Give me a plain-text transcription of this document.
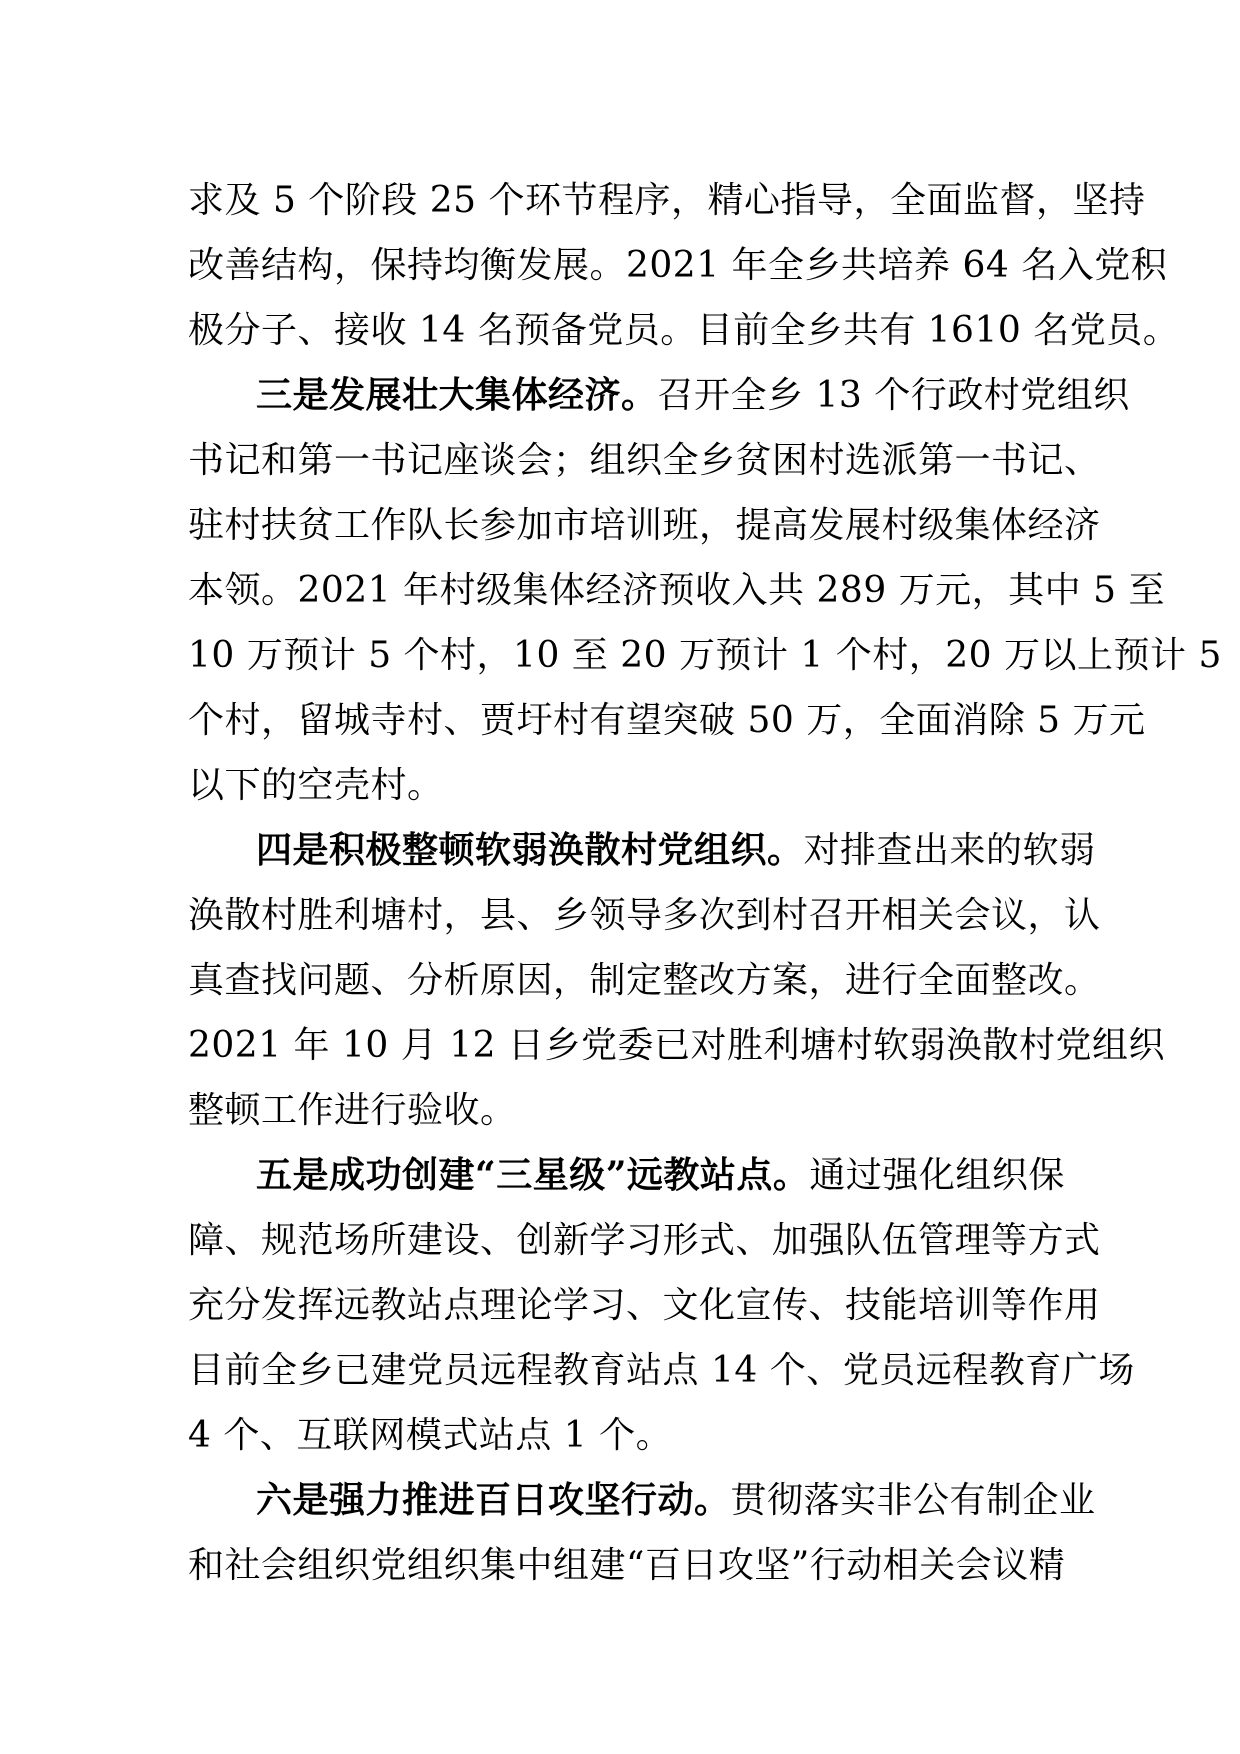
求及 5 个阶段 25 个环节程序，精心指导，全面监督，坚持
改善结构，保持均衡发展。2021 年全乡共培养 64 名入党积
极分子、接收 14 名预备党员。目前全乡共有 1610 名党员。
三是发展壮大集体经济。召开全乡 13 个行政村党组织
书记和第一书记座谈会；组织全乡贫困村选派第一书记、
驻村扶贫工作队长参加市培训班，提高发展村级集体经济
本领。2021 年村级集体经济预收入共 289 万元，其中 5 至
10 万预计 5 个村，10 至 20 万预计 1 个村，20 万以上预计 5
个村，留城寺村、贾圩村有望突破 50 万，全面消除 5 万元
以下的空壳村。
四是积极整顿软弱涣散村党组织。对排查出来的软弱
涣散村胜利塘村，县、乡领导多次到村召开相关会议，认
真查找问题、分析原因，制定整改方案，进行全面整改。
2021 年 10 月 12 日乡党委已对胜利塘村软弱涣散村党组织
整顿工作进行验收。
五是成功创建“三星级”远教站点。通过强化组织保
障、规范场所建设、创新学习形式、加强队伍管理等方式
充分发挥远教站点理论学习、文化宣传、技能培训等作用
目前全乡已建党员远程教育站点 14 个、党员远程教育广场
4 个、互联网模式站点 1 个。
六是强力推进百日攻坚行动。贯彻落实非公有制企业
和社会组织党组织集中组建“百日攻坚”行动相关会议精
